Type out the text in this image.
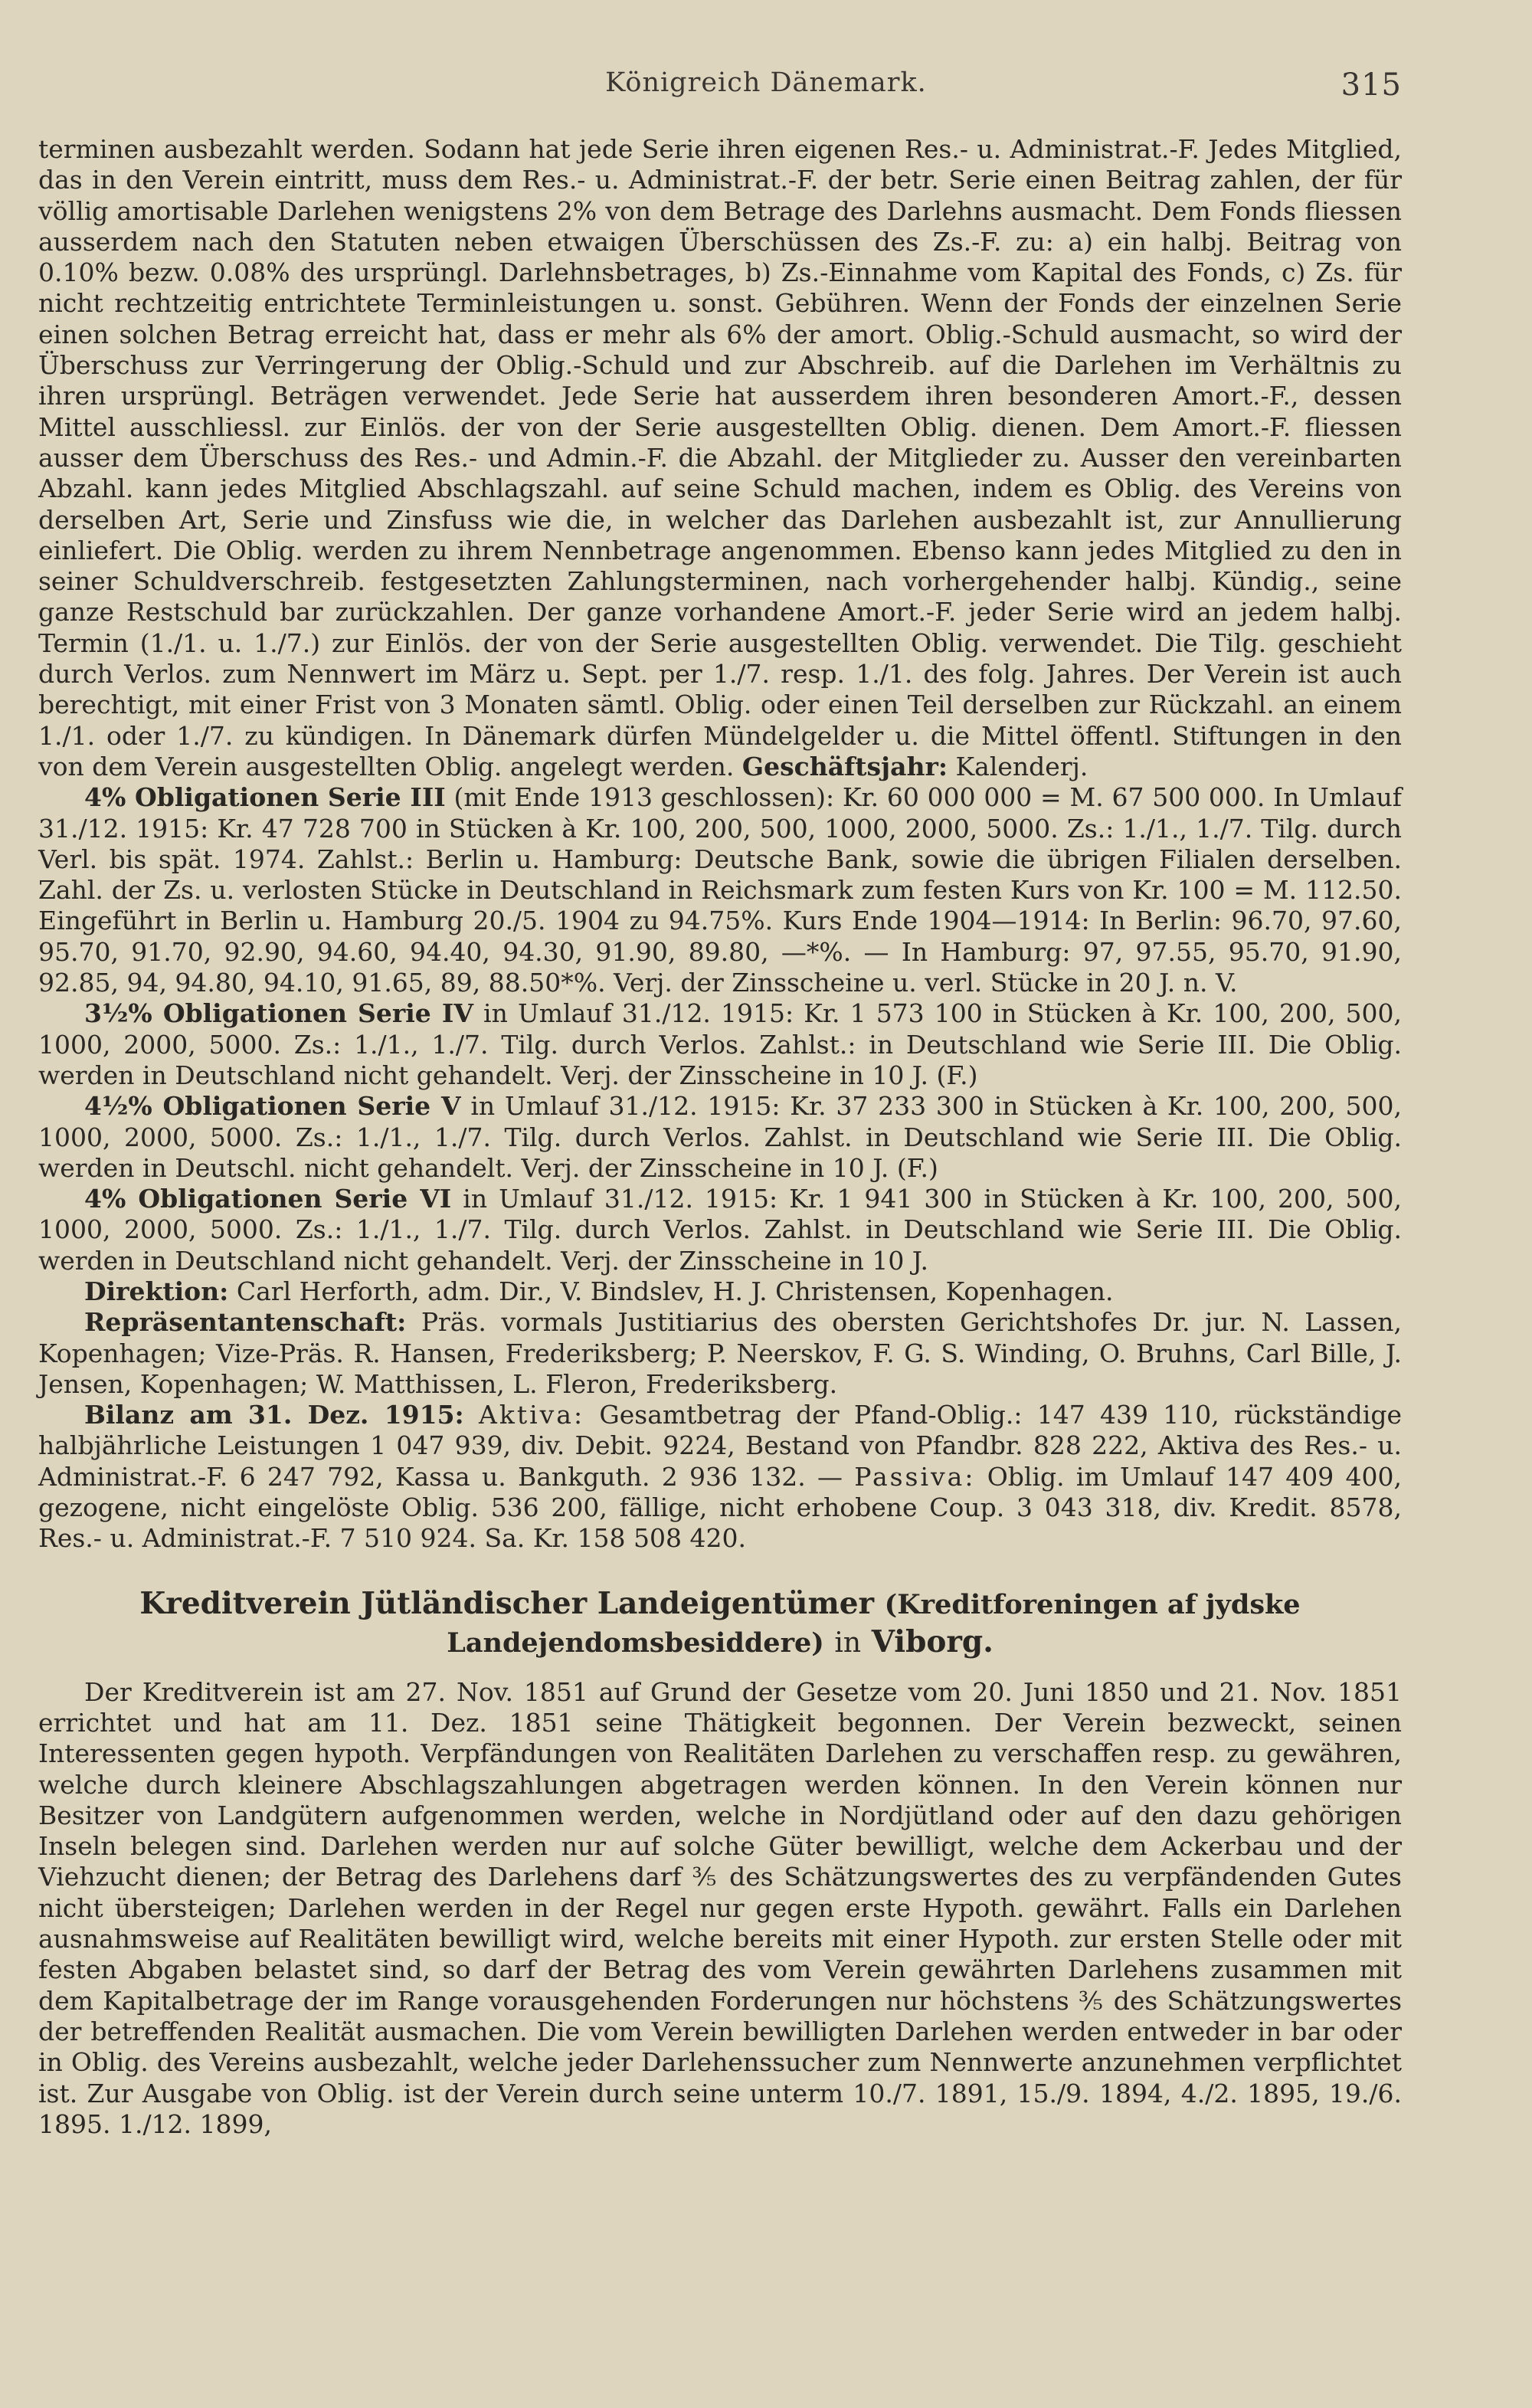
Königreich Dänemark.	315

terminen ausbezahlt werden. Sodann hat jede Serie ihren eigenen Res.- u. Administrat.-F. Jedes Mitglied, das in den Verein eintritt, muss dem Res.- u. Administrat.-F. der betr. Serie einen Beitrag zahlen, der für völlig amortisable Darlehen wenigstens 2% von dem Betrage des Darlehns ausmacht. Dem Fonds fliessen ausserdem nach den Statuten neben etwaigen Überschüssen des Zs.-F. zu: a) ein halbj. Beitrag von 0.10% bezw. 0.08% des ursprüngl. Darlehnsbetrages, b) Zs.-Einnahme vom Kapital des Fonds, c) Zs. für nicht rechtzeitig entrichtete Terminleistungen u. sonst. Gebühren. Wenn der Fonds der einzelnen Serie einen solchen Betrag erreicht hat, dass er mehr als 6% der amort. Oblig.-Schuld ausmacht, so wird der Überschuss zur Verringerung der Oblig.-Schuld und zur Abschreib. auf die Darlehen im Verhältnis zu ihren ursprüngl. Beträgen verwendet. Jede Serie hat ausserdem ihren besonderen Amort.-F., dessen Mittel ausschliessl. zur Einlös. der von der Serie ausgestellten Oblig. dienen. Dem Amort.-F. fliessen ausser dem Überschuss des Res.- und Admin.-F. die Abzahl. der Mitglieder zu. Ausser den vereinbarten Abzahl. kann jedes Mitglied Abschlagszahl. auf seine Schuld machen, indem es Oblig. des Vereins von derselben Art, Serie und Zinsfuss wie die, in welcher das Darlehen ausbezahlt ist, zur Annullierung einliefert. Die Oblig. werden zu ihrem Nennbetrage angenommen. Ebenso kann jedes Mitglied zu den in seiner Schuldverschreib. festgesetzten Zahlungsterminen, nach vorhergehender halbj. Kündig., seine ganze Restschuld bar zurückzahlen. Der ganze vorhandene Amort.-F. jeder Serie wird an jedem halbj. Termin (1./1. u. 1./7.) zur Einlös. der von der Serie ausgestellten Oblig. verwendet. Die Tilg. geschieht durch Verlos. zum Nennwert im März u. Sept. per 1./7. resp. 1./1. des folg. Jahres. Der Verein ist auch berechtigt, mit einer Frist von 3 Monaten sämtl. Oblig. oder einen Teil derselben zur Rückzahl. an einem 1./1. oder 1./7. zu kündigen. In Dänemark dürfen Mündelgelder u. die Mittel öffentl. Stiftungen in den von dem Verein ausgestellten Oblig. angelegt werden. Geschäftsjahr: Kalenderj.

4% Obligationen Serie III (mit Ende 1913 geschlossen): Kr. 60 000 000 = M. 67 500 000. In Umlauf 31./12. 1915: Kr. 47 728 700 in Stücken à Kr. 100, 200, 500, 1000, 2000, 5000. Zs.: 1./1., 1./7. Tilg. durch Verl. bis spät. 1974. Zahlst.: Berlin u. Hamburg: Deutsche Bank, sowie die übrigen Filialen derselben. Zahl. der Zs. u. verlosten Stücke in Deutschland in Reichsmark zum festen Kurs von Kr. 100 = M. 112.50. Eingeführt in Berlin u. Hamburg 20./5. 1904 zu 94.75%. Kurs Ende 1904—1914: In Berlin: 96.70, 97.60, 95.70, 91.70, 92.90, 94.60, 94.40, 94.30, 91.90, 89.80, —*%. — In Hamburg: 97, 97.55, 95.70, 91.90, 92.85, 94, 94.80, 94.10, 91.65, 89, 88.50*%. Verj. der Zinsscheine u. verl. Stücke in 20 J. n. V.

3½% Obligationen Serie IV in Umlauf 31./12. 1915: Kr. 1 573 100 in Stücken à Kr. 100, 200, 500, 1000, 2000, 5000. Zs.: 1./1., 1./7. Tilg. durch Verlos. Zahlst.: in Deutschland wie Serie III. Die Oblig. werden in Deutschland nicht gehandelt. Verj. der Zinsscheine in 10 J. (F.)

4½% Obligationen Serie V in Umlauf 31./12. 1915: Kr. 37 233 300 in Stücken à Kr. 100, 200, 500, 1000, 2000, 5000. Zs.: 1./1., 1./7. Tilg. durch Verlos. Zahlst. in Deutschland wie Serie III. Die Oblig. werden in Deutschl. nicht gehandelt. Verj. der Zinsscheine in 10 J. (F.)

4% Obligationen Serie VI in Umlauf 31./12. 1915: Kr. 1 941 300 in Stücken à Kr. 100, 200, 500, 1000, 2000, 5000. Zs.: 1./1., 1./7. Tilg. durch Verlos. Zahlst. in Deutschland wie Serie III. Die Oblig. werden in Deutschland nicht gehandelt. Verj. der Zinsscheine in 10 J.

Direktion: Carl Herforth, adm. Dir., V. Bindslev, H. J. Christensen, Kopenhagen.

Repräsentantenschaft: Präs. vormals Justitiarius des obersten Gerichtshofes Dr. jur. N. Lassen, Kopenhagen; Vize-Präs. R. Hansen, Frederiksberg; P. Neerskov, F. G. S. Winding, O. Bruhns, Carl Bille, J. Jensen, Kopenhagen; W. Matthissen, L. Fleron, Frederiksberg.

Bilanz am 31. Dez. 1915: Aktiva: Gesamtbetrag der Pfand-Oblig.: 147 439 110, rückständige halbjährliche Leistungen 1 047 939, div. Debit. 9224, Bestand von Pfandbr. 828 222, Aktiva des Res.- u. Administrat.-F. 6 247 792, Kassa u. Bankguth. 2 936 132. — Passiva: Oblig. im Umlauf 147 409 400, gezogene, nicht eingelöste Oblig. 536 200, fällige, nicht erhobene Coup. 3 043 318, div. Kredit. 8578, Res.- u. Administrat.-F. 7 510 924. Sa. Kr. 158 508 420.

Kreditverein Jütländischer Landeigentümer (Kreditforeningen af jydske Landejendomsbesiddere) in Viborg.

Der Kreditverein ist am 27. Nov. 1851 auf Grund der Gesetze vom 20. Juni 1850 und 21. Nov. 1851 errichtet und hat am 11. Dez. 1851 seine Thätigkeit begonnen. Der Verein bezweckt, seinen Interessenten gegen hypoth. Verpfändungen von Realitäten Darlehen zu verschaffen resp. zu gewähren, welche durch kleinere Abschlagszahlungen abgetragen werden können. In den Verein können nur Besitzer von Landgütern aufgenommen werden, welche in Nordjütland oder auf den dazu gehörigen Inseln belegen sind. Darlehen werden nur auf solche Güter bewilligt, welche dem Ackerbau und der Viehzucht dienen; der Betrag des Darlehens darf ⅗ des Schätzungswertes des zu verpfändenden Gutes nicht übersteigen; Darlehen werden in der Regel nur gegen erste Hypoth. gewährt. Falls ein Darlehen ausnahmsweise auf Realitäten bewilligt wird, welche bereits mit einer Hypoth. zur ersten Stelle oder mit festen Abgaben belastet sind, so darf der Betrag des vom Verein gewährten Darlehens zusammen mit dem Kapitalbetrage der im Range vorausgehenden Forderungen nur höchstens ⅗ des Schätzungswertes der betreffenden Realität ausmachen. Die vom Verein bewilligten Darlehen werden entweder in bar oder in Oblig. des Vereins ausbezahlt, welche jeder Darlehenssucher zum Nennwerte anzunehmen verpflichtet ist. Zur Ausgabe von Oblig. ist der Verein durch seine unterm 10./7. 1891, 15./9. 1894, 4./2. 1895, 19./6. 1895. 1./12. 1899,
